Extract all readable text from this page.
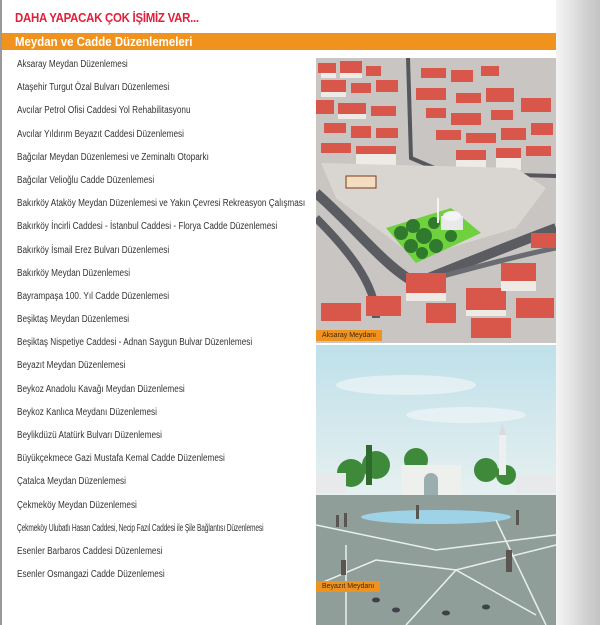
DAHA YAPACAK ÇOK İŞİMİZ VAR...
Meydan ve Cadde Düzenlemeleri
Aksaray Meydan Düzenlemesi
Ataşehir Turgut Özal Bulvarı Düzenlemesi
Avcılar Petrol Ofisi Caddesi Yol Rehabilitasyonu
Avcılar Yıldırım Beyazıt Caddesi Düzenlemesi
Bağcılar Meydan Düzenlemesi ve Zeminaltı Otoparkı
Bağcılar Velioğlu Cadde Düzenlemesi
Bakırköy Ataköy Meydan Düzenlemesi ve Yakın Çevresi Rekreasyon Çalışması
Bakırköy İncirli Caddesi - İstanbul Caddesi - Florya Cadde Düzenlemesi
Bakırköy İsmail Erez Bulvarı Düzenlemesi
Bakırköy Meydan Düzenlemesi
Bayrampaşa 100. Yıl Cadde Düzenlemesi
Beşiktaş Meydan Düzenlemesi
Beşiktaş Nispetiye Caddesi - Adnan Saygun Bulvar Düzenlemesi
Beyazıt Meydan Düzenlemesi
Beykoz Anadolu Kavağı Meydan Düzenlemesi
Beykoz Kanlıca Meydanı Düzenlemesi
Beylikdüzü Atatürk Bulvarı Düzenlemesi
Büyükçekmece Gazi Mustafa Kemal Cadde Düzenlemesi
Çatalca Meydan Düzenlemesi
Çekmeköy Meydan Düzenlemesi
Çekmeköy Ulubatlı Hasan Caddesi, Necip Fazıl Caddesi ile Şile Bağlantısı Düzenlemesi
Esenler Barbaros Caddesi Düzenlemesi
Esenler Osmangazi Cadde Düzenlemesi
Aksaray Meydanı
Beyazıt Meydanı
